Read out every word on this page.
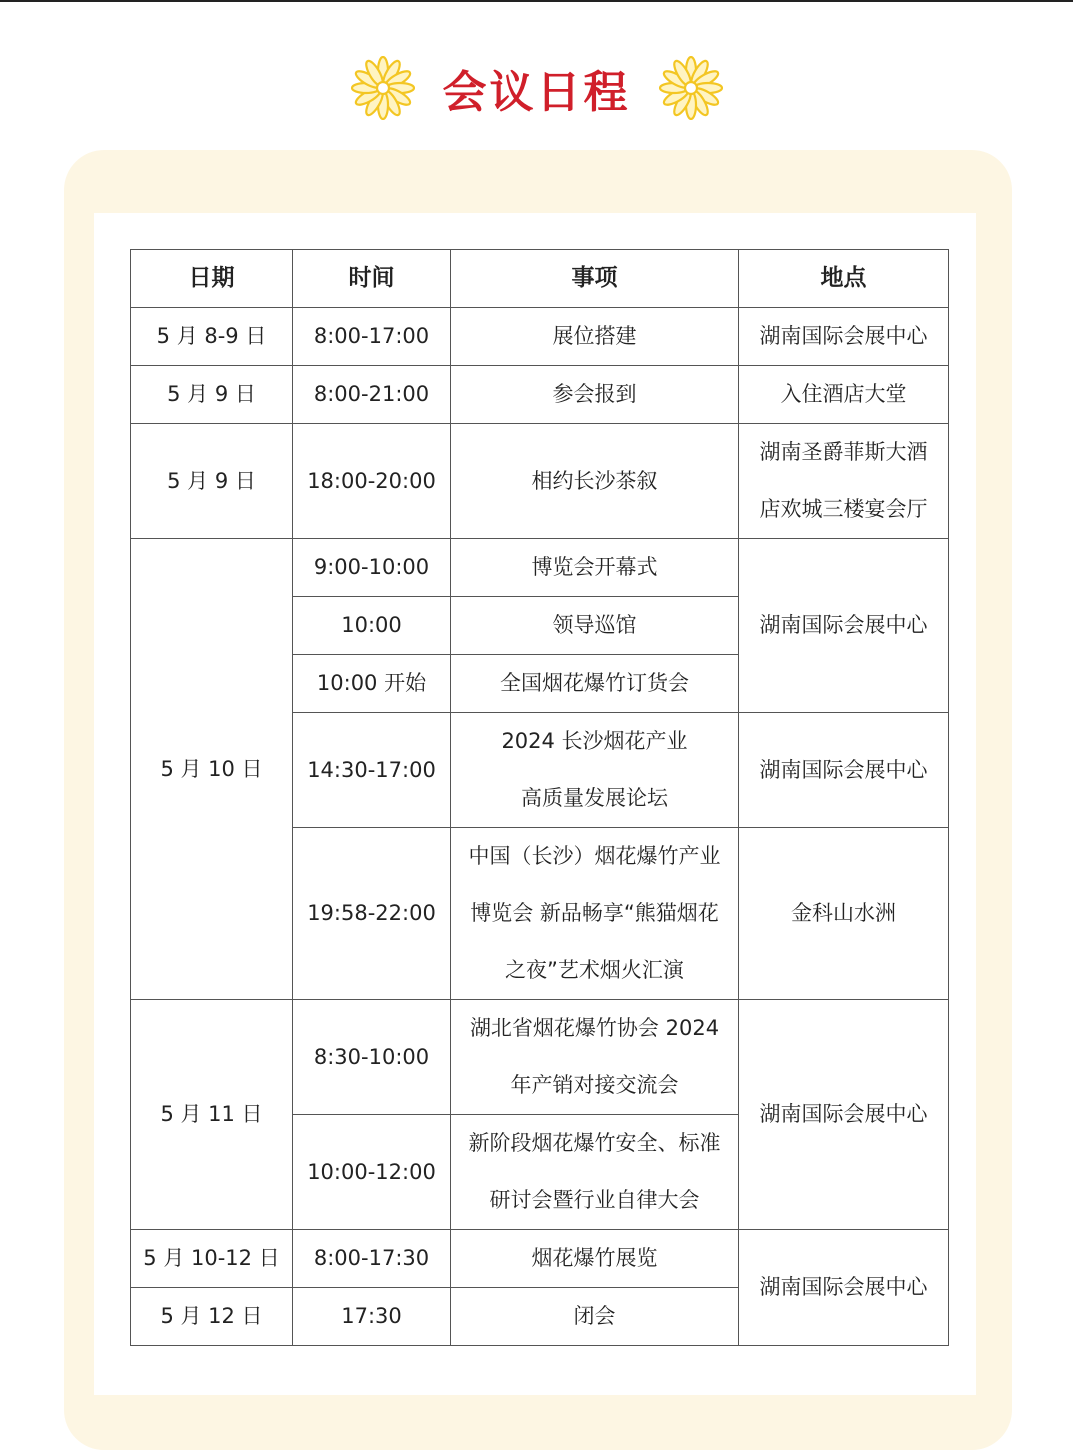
会议日程
日期	时间	事项	地点
5 月 8-9 日	8:00-17:00	展位搭建	湖南国际会展中心

5 月 9 日	8:00-21:00	参会报到	入住酒店大堂

5 月 9 日	18:00-20:00	相约长沙茶叙	湖南圣爵菲斯大酒
店欢城三楼宴会厅

5 月 10 日	9:00-10:00	博览会开幕式	湖南国际会展中心

	10:00	领导巡馆	

	10:00 开始	全国烟花爆竹订货会	

	14:30-17:00	2024 长沙烟花产业
高质量发展论坛	湖南国际会展中心

	19:58-22:00	中国（长沙）烟花爆竹产业
博览会 新品畅享“熊猫烟花
之夜”艺术烟火汇演	金科山水洲

5 月 11 日	8:30-10:00	湖北省烟花爆竹协会 2024
年产销对接交流会	湖南国际会展中心

	10:00-12:00	新阶段烟花爆竹安全、标准
研讨会暨行业自律大会	

5 月 10-12 日	8:00-17:30	烟花爆竹展览	湖南国际会展中心

5 月 12 日	17:30	闭会	
